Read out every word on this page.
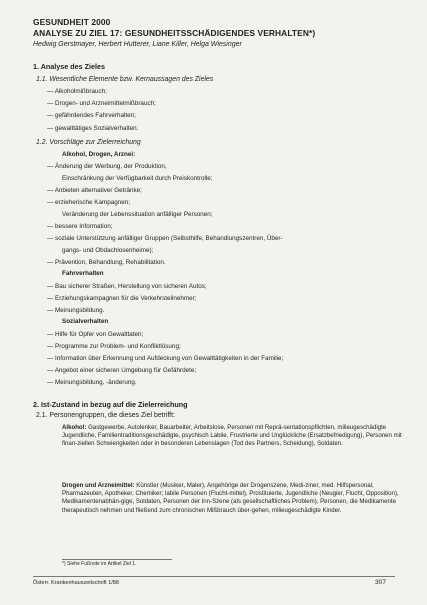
GESUNDHEIT 2000
ANALYSE ZU ZIEL 17: GESUNDHEITSSCHÄDIGENDES VERHALTEN*)
Hedwig Gerstmayer, Herbert Hutterer, Liane Killer, Helga Wiesinger
1. Analyse des Zieles
1.1. Wesentliche Elemente bzw. Kernaussagen des Zieles
— Alkoholmißbrauch;
— Drogen- und Arzneimittelmißbrauch;
— gefährdendes Fahrverhalten;
— gewalttätiges Sozialverhalten.
1.2. Vorschläge zur Zielerreichung
Alkohol, Drogen, Arznei:
— Änderung der Werbung, der Produktion,
Einschränkung der Verfügbarkeit durch Preiskontrolle;
— Anbieten alternativer Getränke;
— erzieherische Kampagnen;
Veränderung der Lebenssituation anfälliger Personen;
— bessere Information;
— soziale Unterstützung anfälliger Gruppen (Selbsthilfe, Behandlungszentren, Über-
gangs- und Obdachlosenheime);
— Prävention, Behandlung, Rehabilitation.
Fahrverhalten
— Bau sicherer Straßen, Herstellung von sicheren Autos;
— Erziehungskampagnen für die Verkehrsteilnehmer;
— Meinungsbildung.
Sozialverhalten
— Hilfe für Opfer von Gewalttaten;
— Programme zur Problem- und Konfliktlösung;
— Information über Erkennung und Aufdeckung von Gewalttätigkeiten in der Familie;
— Angebot einer sicheren Umgebung für Gefährdete;
— Meinungsbildung, -änderung.
2. Ist-Zustand in bezug auf die Zielerreichung
2.1. Personengruppen, die dieses Ziel betrifft:
Alkohol: Gastgewerbe, Autolenker, Bauarbeiter, Arbeitslose, Personen mit Reprä-sentationspflichten, milieugeschädigte Jugendliche, Familientraditionsgeschädigte, psychisch Labile, Frustrierte und Unglückliche (Ersatzbefriedigung), Personen mit finan-ziellen Schwierigkeiten oder in besonderen Lebenslagen (Tod des Partners, Scheidung), Soldaten.
Drogen und Arzneimittel: Künstler (Musiker, Maler), Angehörige der Drogenszene, Medi-ziner, med. Hilfspersonal, Pharmazeuten, Apotheker, Chemiker; labile Personen (Flucht-mittel), Prostituierte, Jugendliche (Neugier, Flucht, Opposition), Medikamentenabhän-gige, Soldaten, Personen der Inn-Szene (als gesellschaftliches Problem), Personen, die Medikamente therapeutisch nehmen und fließend zum chronischen Mißbrauch über-gehen, milieugeschädigte Kinder.
*) Siehe Fußnote im Artikel Ziel 1.
Österr. Krankenhauszeitschrift 1/88	307
